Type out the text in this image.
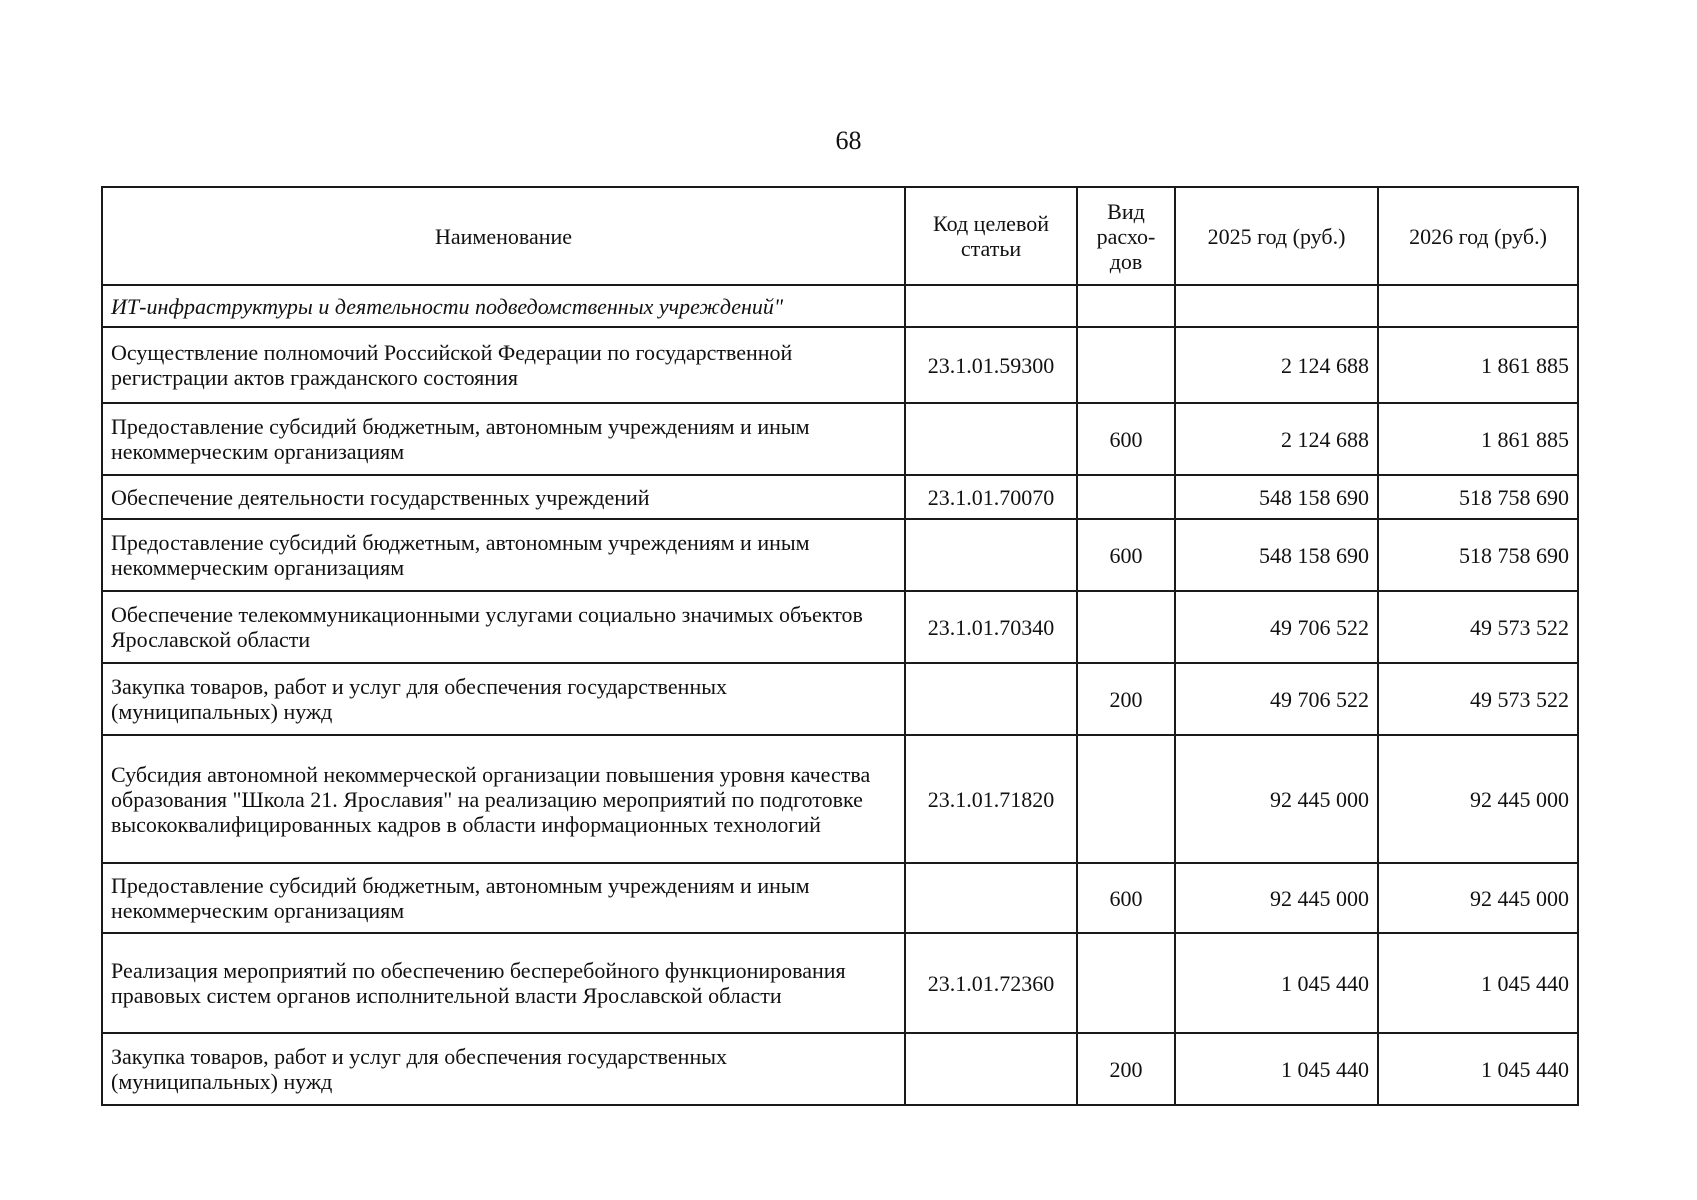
68
Наименование	Код целевой статьи	Вид расхо-дов	2025 год (руб.)	2026 год (руб.)
ИТ-инфраструктуры и деятельности подведомственных учреждений"				
Осуществление полномочий Российской Федерации по государственной регистрации актов гражданского состояния	23.1.01.59300		2 124 688	1 861 885
Предоставление субсидий бюджетным, автономным учреждениям и иным некоммерческим организациям		600	2 124 688	1 861 885
Обеспечение деятельности государственных учреждений	23.1.01.70070		548 158 690	518 758 690
Предоставление субсидий бюджетным, автономным учреждениям и иным некоммерческим организациям		600	548 158 690	518 758 690
Обеспечение телекоммуникационными услугами социально значимых объектов Ярославской области	23.1.01.70340		49 706 522	49 573 522
Закупка товаров, работ и услуг для обеспечения государственных (муниципальных) нужд		200	49 706 522	49 573 522
Субсидия автономной некоммерческой организации повышения уровня качества образования "Школа 21. Ярославия" на реализацию мероприятий по подготовке высококвалифицированных кадров в области информационных технологий	23.1.01.71820		92 445 000	92 445 000
Предоставление субсидий бюджетным, автономным учреждениям и иным некоммерческим организациям		600	92 445 000	92 445 000
Реализация мероприятий по обеспечению бесперебойного функционирования правовых систем органов исполнительной власти Ярославской области	23.1.01.72360		1 045 440	1 045 440
Закупка товаров, работ и услуг для обеспечения государственных (муниципальных) нужд		200	1 045 440	1 045 440
